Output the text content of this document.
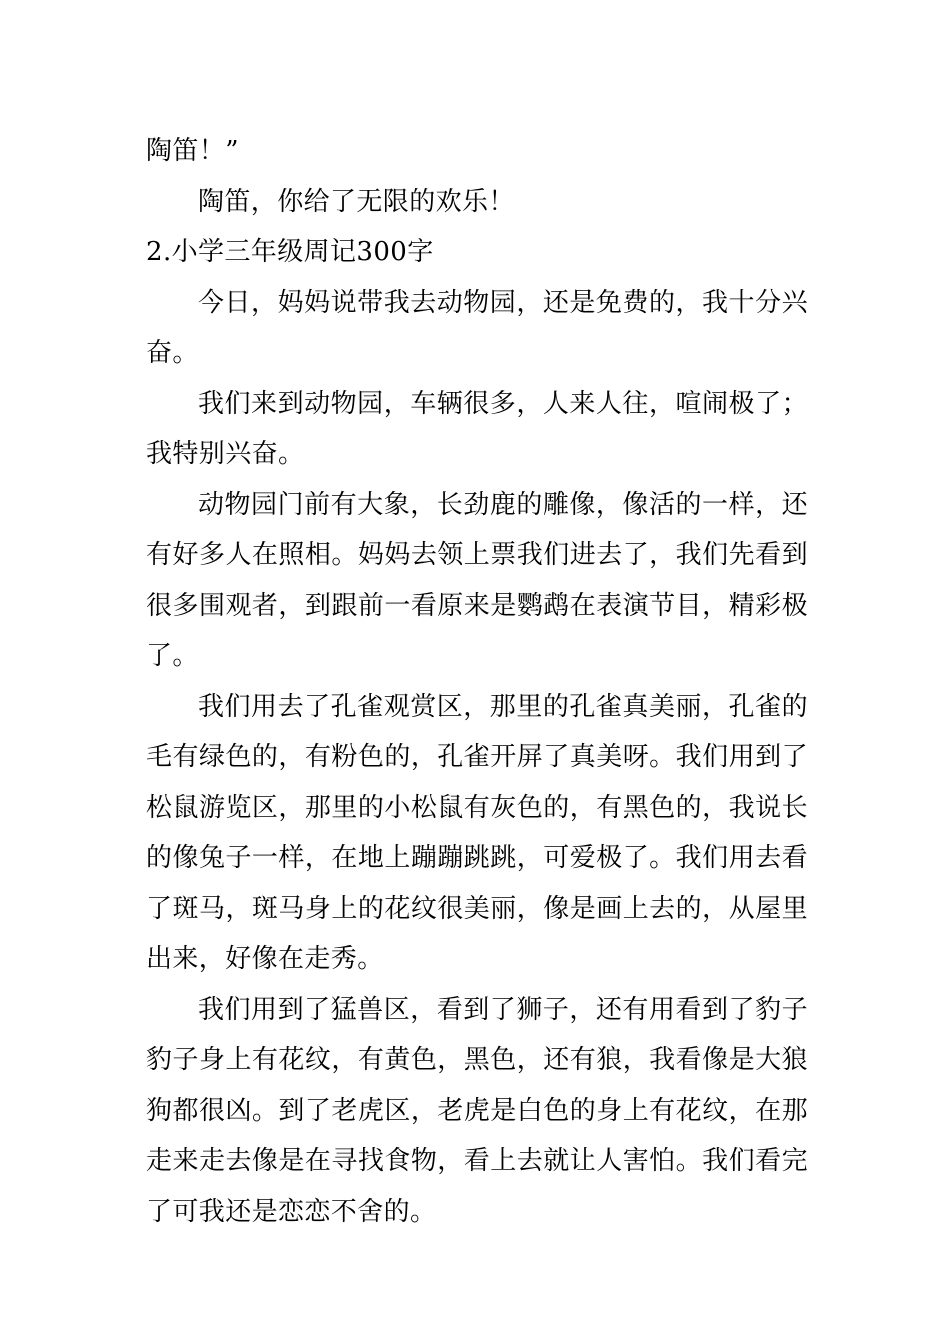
陶笛！”

陶笛，你给了无限的欢乐！

2.小学三年级周记300字

今日，妈妈说带我去动物园，还是免费的，我十分兴奋。

我们来到动物园，车辆很多，人来人往，喧闹极了；我特别兴奋。

动物园门前有大象，长劲鹿的雕像，像活的一样，还有好多人在照相。妈妈去领上票我们进去了，我们先看到很多围观者，到跟前一看原来是鹦鹉在表演节目，精彩极了。

我们用去了孔雀观赏区，那里的孔雀真美丽，孔雀的毛有绿色的，有粉色的，孔雀开屏了真美呀。我们用到了松鼠游览区，那里的小松鼠有灰色的，有黑色的，我说长的像兔子一样，在地上蹦蹦跳跳，可爱极了。我们用去看了斑马，斑马身上的花纹很美丽，像是画上去的，从屋里出来，好像在走秀。

我们用到了猛兽区，看到了狮子，还有用看到了豹子豹子身上有花纹，有黄色，黑色，还有狼，我看像是大狼狗都很凶。到了老虎区，老虎是白色的身上有花纹，在那走来走去像是在寻找食物，看上去就让人害怕。我们看完了可我还是恋恋不舍的。
